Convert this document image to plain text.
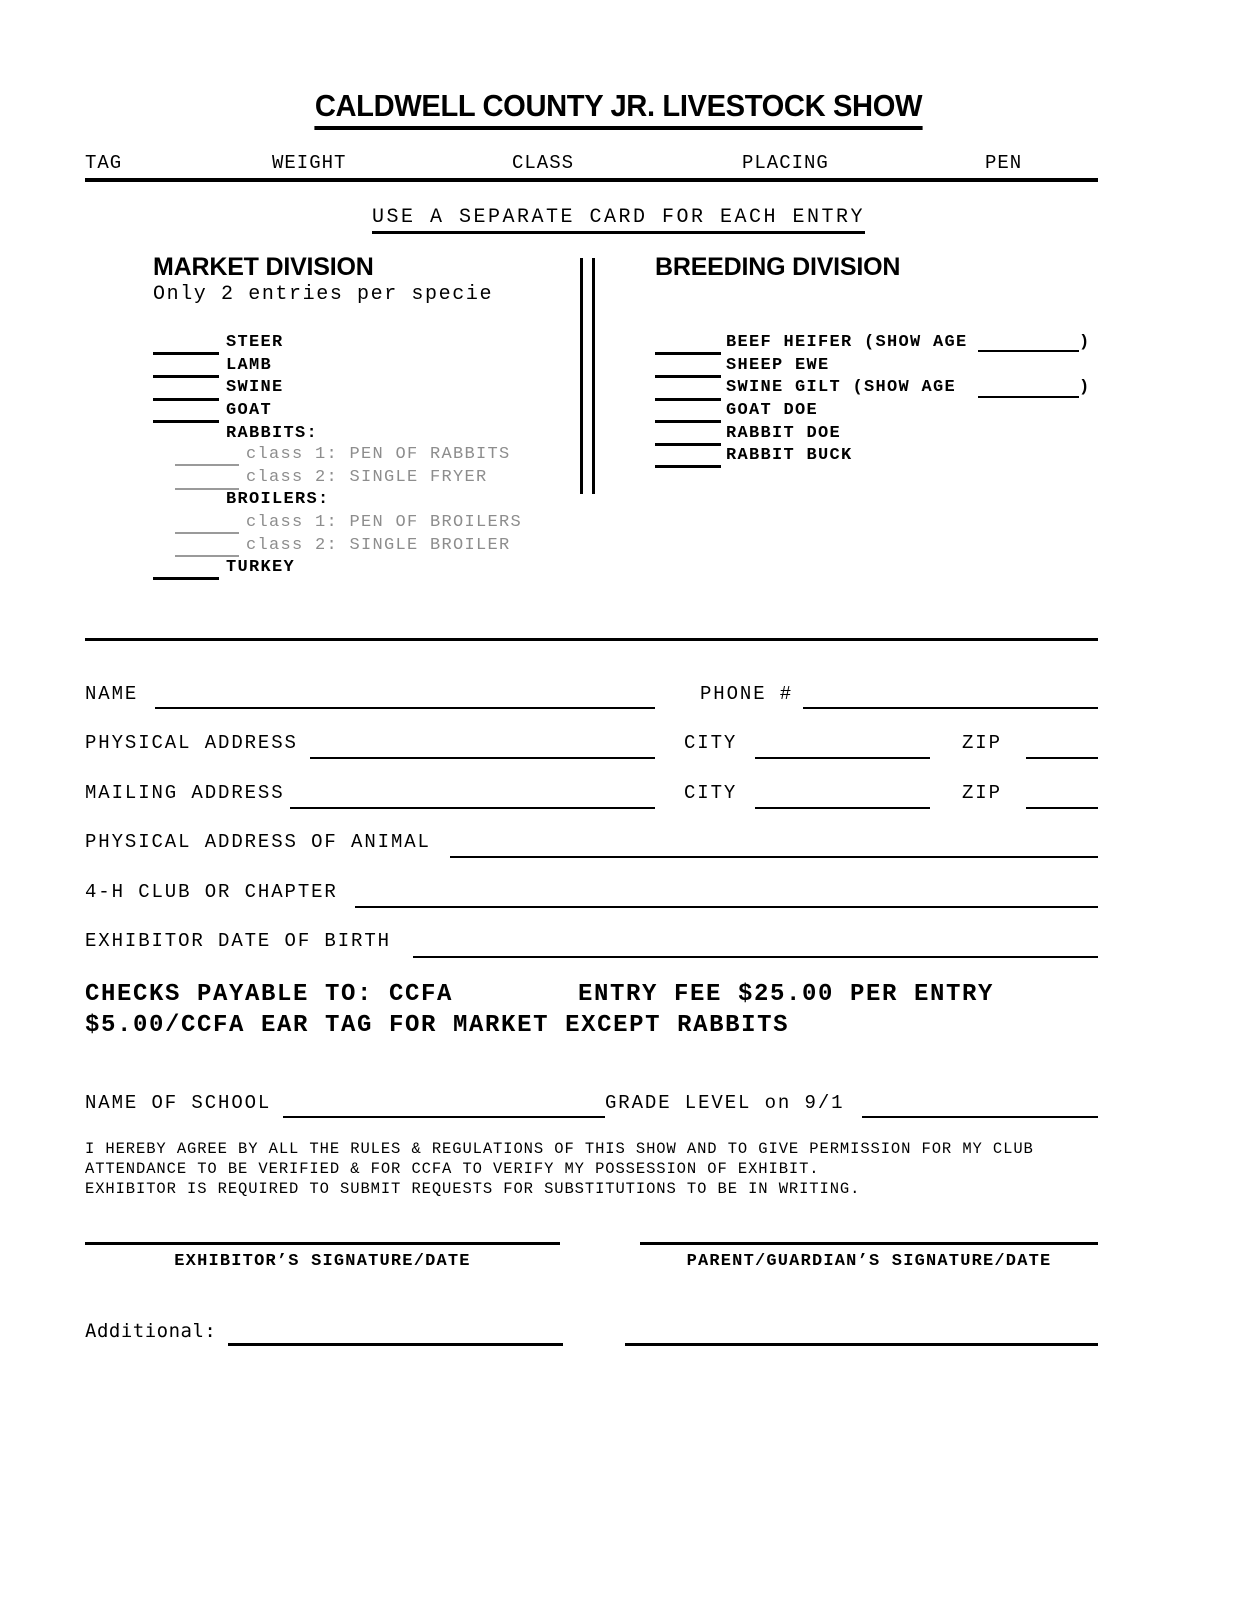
CALDWELL COUNTY JR. LIVESTOCK SHOW
TAG	WEIGHT	CLASS	PLACING	PEN
USE A SEPARATE CARD FOR EACH ENTRY
MARKET DIVISION
Only 2 entries per specie
STEER
LAMB
SWINE
GOAT
RABBITS:
class 1: PEN OF RABBITS
class 2: SINGLE FRYER
BROILERS:
class 1: PEN OF BROILERS
class 2: SINGLE BROILER
TURKEY
BREEDING DIVISION
BEEF HEIFER (SHOW AGE
SHEEP EWE
SWINE GILT (SHOW AGE
GOAT DOE
RABBIT DOE
RABBIT BUCK
)
)
NAME	PHONE #
PHYSICAL ADDRESS	CITY	ZIP
MAILING ADDRESS	CITY	ZIP
PHYSICAL ADDRESS OF ANIMAL
4-H CLUB OR CHAPTER
EXHIBITOR DATE OF BIRTH
CHECKS PAYABLE TO: CCFA	ENTRY FEE $25.00 PER ENTRY
$5.00/CCFA EAR TAG FOR MARKET EXCEPT RABBITS
NAME OF SCHOOL	GRADE LEVEL on 9/1
I HEREBY AGREE BY ALL THE RULES & REGULATIONS OF THIS SHOW AND TO GIVE PERMISSION FOR MY CLUB
ATTENDANCE TO BE VERIFIED & FOR CCFA TO VERIFY MY POSSESSION OF EXHIBIT.
EXHIBITOR IS REQUIRED TO SUBMIT REQUESTS FOR SUBSTITUTIONS TO BE IN WRITING.
EXHIBITOR’S SIGNATURE/DATE	PARENT/GUARDIAN’S SIGNATURE/DATE
Additional:
